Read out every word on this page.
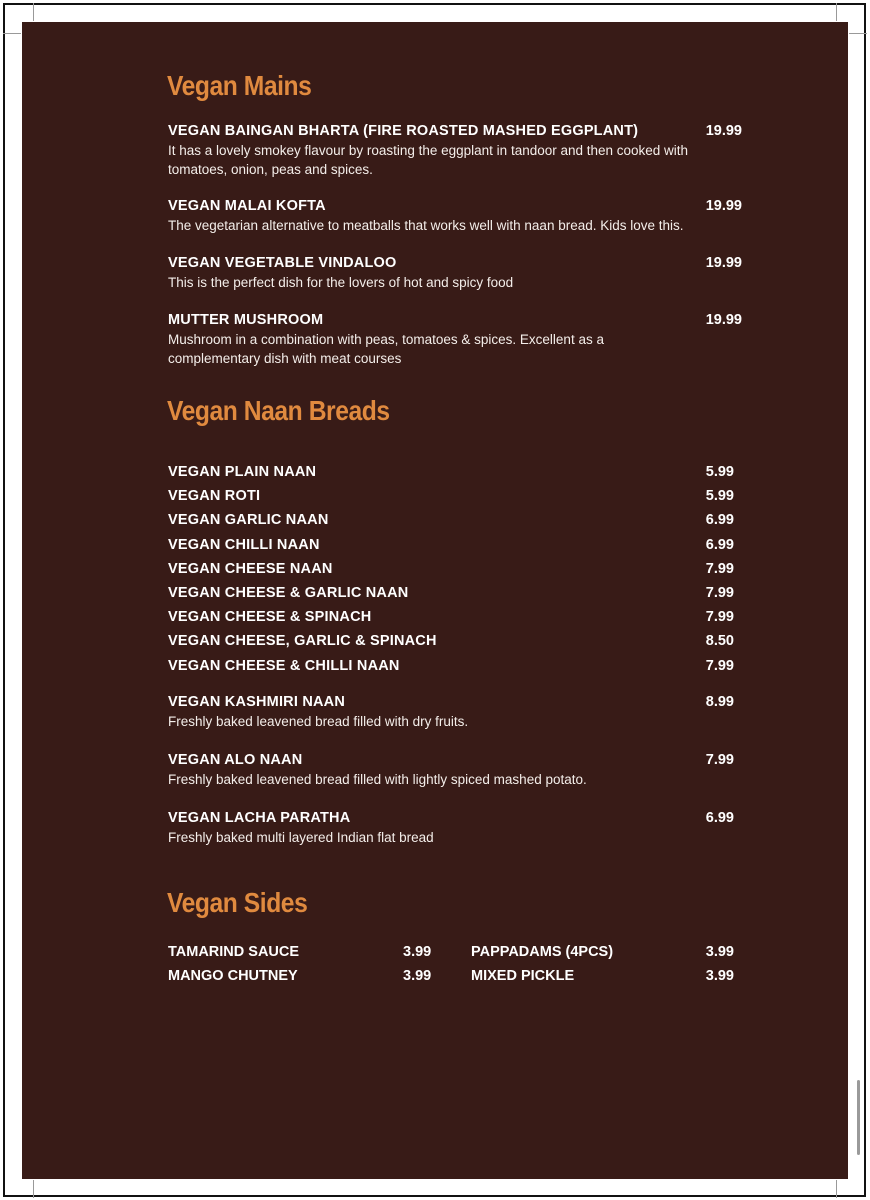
Vegan Mains
VEGAN BAINGAN BHARTA (FIRE ROASTED MASHED EGGPLANT)	19.99
It has a lovely smokey flavour by roasting the eggplant in tandoor and then cooked with tomatoes, onion, peas and spices.
VEGAN MALAI KOFTA	19.99
The vegetarian alternative to meatballs that works well with naan bread. Kids love this.
VEGAN VEGETABLE VINDALOO	19.99
This is the perfect dish for the lovers of hot and spicy food
MUTTER MUSHROOM	19.99
Mushroom in a combination with peas, tomatoes & spices. Excellent as a complementary dish with meat courses
Vegan Naan Breads
VEGAN PLAIN NAAN	5.99
VEGAN ROTI	5.99
VEGAN GARLIC NAAN	6.99
VEGAN CHILLI NAAN	6.99
VEGAN CHEESE NAAN	7.99
VEGAN CHEESE & GARLIC NAAN	7.99
VEGAN CHEESE & SPINACH	7.99
VEGAN CHEESE, GARLIC & SPINACH	8.50
VEGAN CHEESE & CHILLI NAAN	7.99
VEGAN KASHMIRI NAAN	8.99
Freshly baked leavened bread filled with dry fruits.
VEGAN ALO NAAN	7.99
Freshly baked leavened bread filled with lightly spiced mashed potato.
VEGAN LACHA PARATHA	6.99
Freshly baked multi layered Indian flat bread
Vegan Sides
TAMARIND SAUCE	3.99	PAPPADAMS (4PCS)	3.99
MANGO CHUTNEY	3.99	MIXED PICKLE	3.99
